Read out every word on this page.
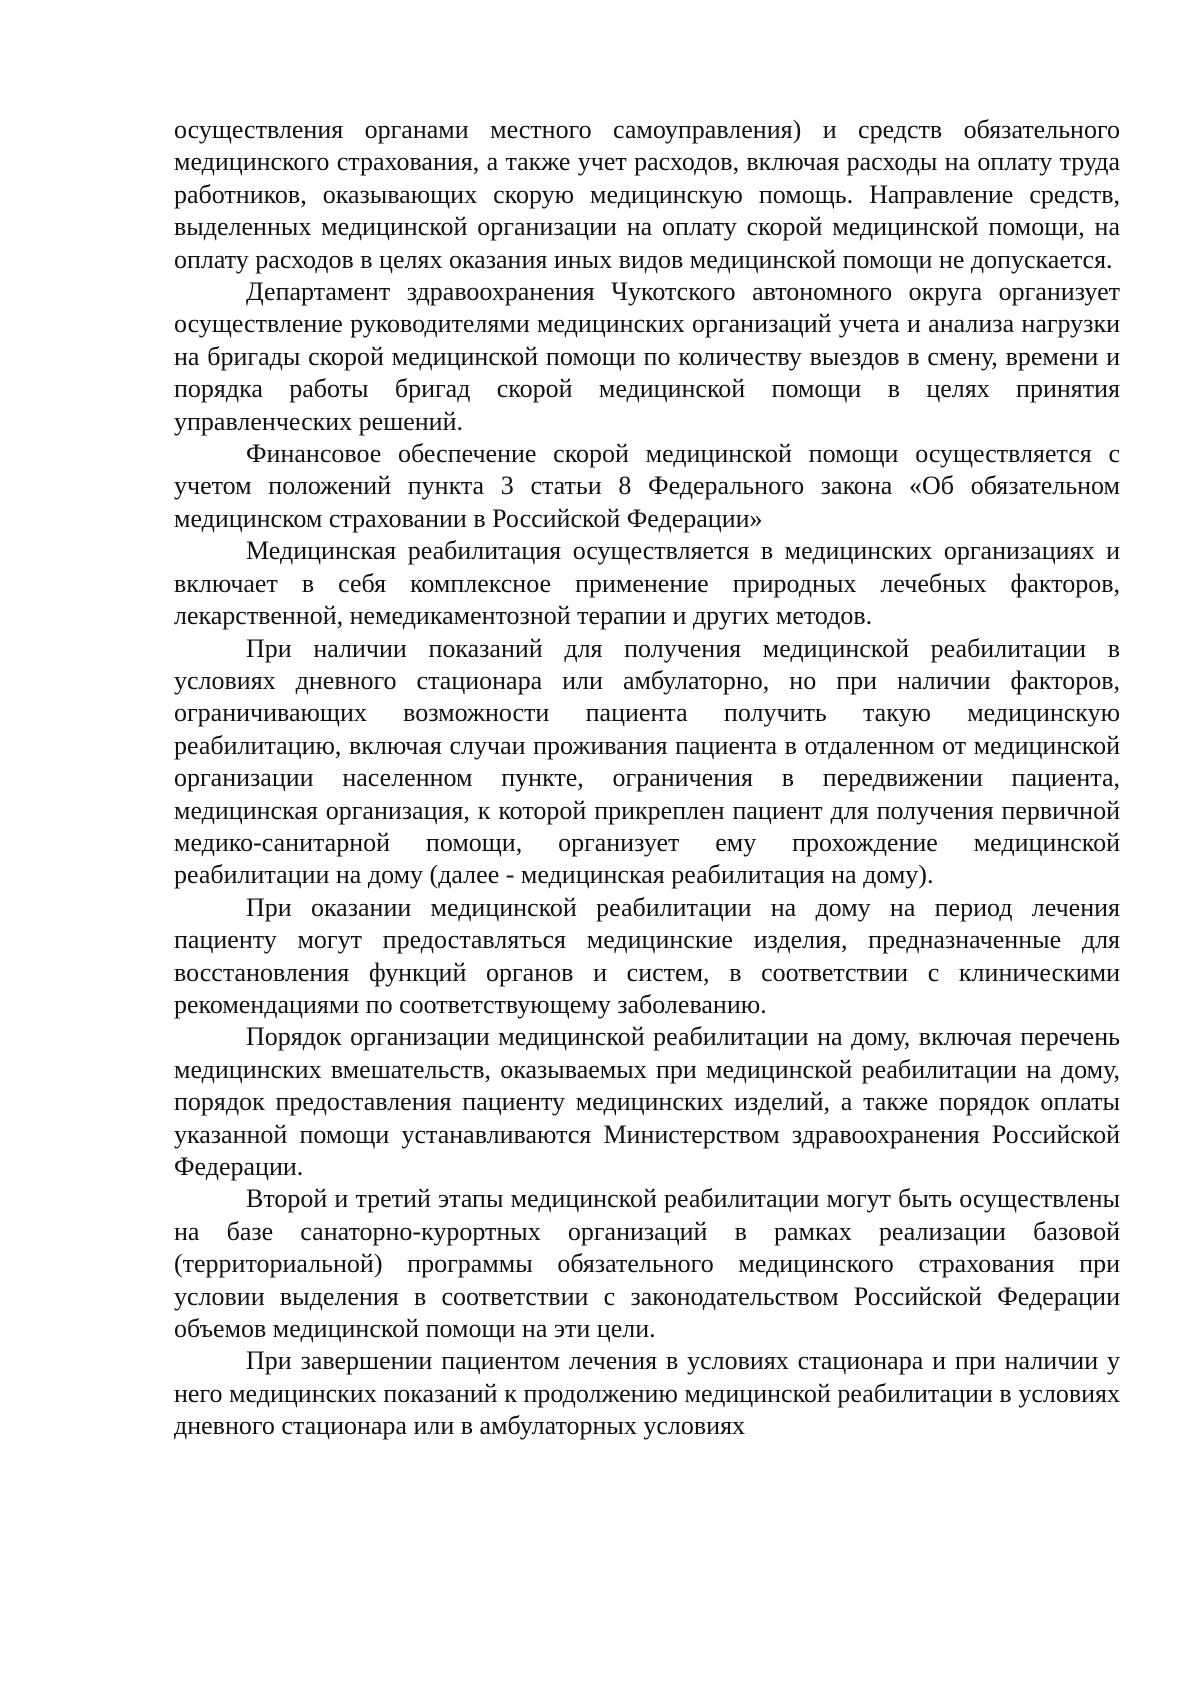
осуществления органами местного самоуправления) и средств обязательного медицинского страхования, а также учет расходов, включая расходы на оплату труда работников, оказывающих скорую медицинскую помощь. Направление средств, выделенных медицинской организации на оплату скорой медицинской помощи, на оплату расходов в целях оказания иных видов медицинской помощи не допускается.

Департамент здравоохранения Чукотского автономного округа организует осуществление руководителями медицинских организаций учета и анализа нагрузки на бригады скорой медицинской помощи по количеству выездов в смену, времени и порядка работы бригад скорой медицинской помощи в целях принятия управленческих решений.

Финансовое обеспечение скорой медицинской помощи осуществляется с учетом положений пункта 3 статьи 8 Федерального закона «Об обязательном медицинском страховании в Российской Федерации»

Медицинская реабилитация осуществляется в медицинских организациях и включает в себя комплексное применение природных лечебных факторов, лекарственной, немедикаментозной терапии и других методов.

При наличии показаний для получения медицинской реабилитации в условиях дневного стационара или амбулаторно, но при наличии факторов, ограничивающих возможности пациента получить такую медицинскую реабилитацию, включая случаи проживания пациента в отдаленном от медицинской организации населенном пункте, ограничения в передвижении пациента, медицинская организация, к которой прикреплен пациент для получения первичной медико-санитарной помощи, организует ему прохождение медицинской реабилитации на дому (далее - медицинская реабилитация на дому).

При оказании медицинской реабилитации на дому на период лечения пациенту могут предоставляться медицинские изделия, предназначенные для восстановления функций органов и систем, в соответствии с клиническими рекомендациями по соответствующему заболеванию.

Порядок организации медицинской реабилитации на дому, включая перечень медицинских вмешательств, оказываемых при медицинской реабилитации на дому, порядок предоставления пациенту медицинских изделий, а также порядок оплаты указанной помощи устанавливаются Министерством здравоохранения Российской Федерации.

Второй и третий этапы медицинской реабилитации могут быть осуществлены на базе санаторно-курортных организаций в рамках реализации базовой (территориальной) программы обязательного медицинского страхования при условии выделения в соответствии с законодательством Российской Федерации объемов медицинской помощи на эти цели.

При завершении пациентом лечения в условиях стационара и при наличии у него медицинских показаний к продолжению медицинской реабилитации в условиях дневного стационара или в амбулаторных условиях
